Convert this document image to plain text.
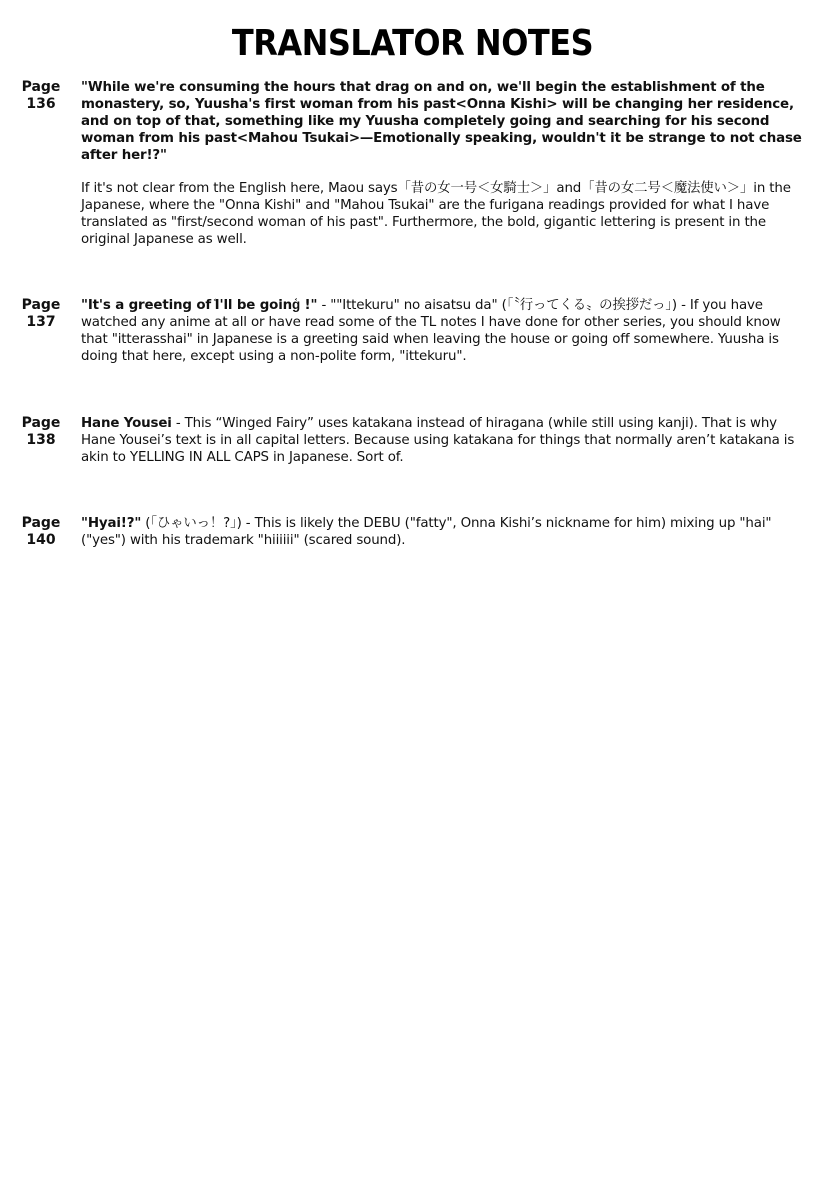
TRANSLATOR NOTES
Page
136

"While we're consuming the hours that drag on and on, we'll begin the establishment of the monastery, so, Yuusha's first woman from his past<Onna Kishi> will be changing her residence, and on top of that, something like my Yuusha completely going and searching for his second woman from his past<Mahou Tsukai>—Emotionally speaking, wouldn't it be strange to not chase after her!?"

If it's not clear from the English here, Maou says「昔の女一号＜女騎士＞」and「昔の女二号＜魔法使い＞」in the Japanese, where the "Onna Kishi" and "Mahou Tsukai" are the furigana readings provided for what I have translated as "first/second woman of his past". Furthermore, the bold, gigantic lettering is present in the original Japanese as well.

Page
137

"It's a greeting of ᷾I'll be going᷾ !" - ""Ittekuru" no aisatsu da" (「〝行ってくる〟の挨拶だっ」) - If you have watched any anime at all or have read some of the TL notes I have done for other series, you should know that "itterasshai" in Japanese is a greeting said when leaving the house or going off somewhere. Yuusha is doing that here, except using a non-polite form, "ittekuru".

Page
138

Hane Yousei - This “Winged Fairy” uses katakana instead of hiragana (while still using kanji). That is why Hane Yousei’s text is in all capital letters. Because using katakana for things that normally aren’t katakana is akin to YELLING IN ALL CAPS in Japanese. Sort of.

Page
140

"Hyai!?" (「ひゃいっ！?」) - This is likely the DEBU ("fatty", Onna Kishi’s nickname for him) mixing up "hai" ("yes") with his trademark "hiiiiii" (scared sound).
